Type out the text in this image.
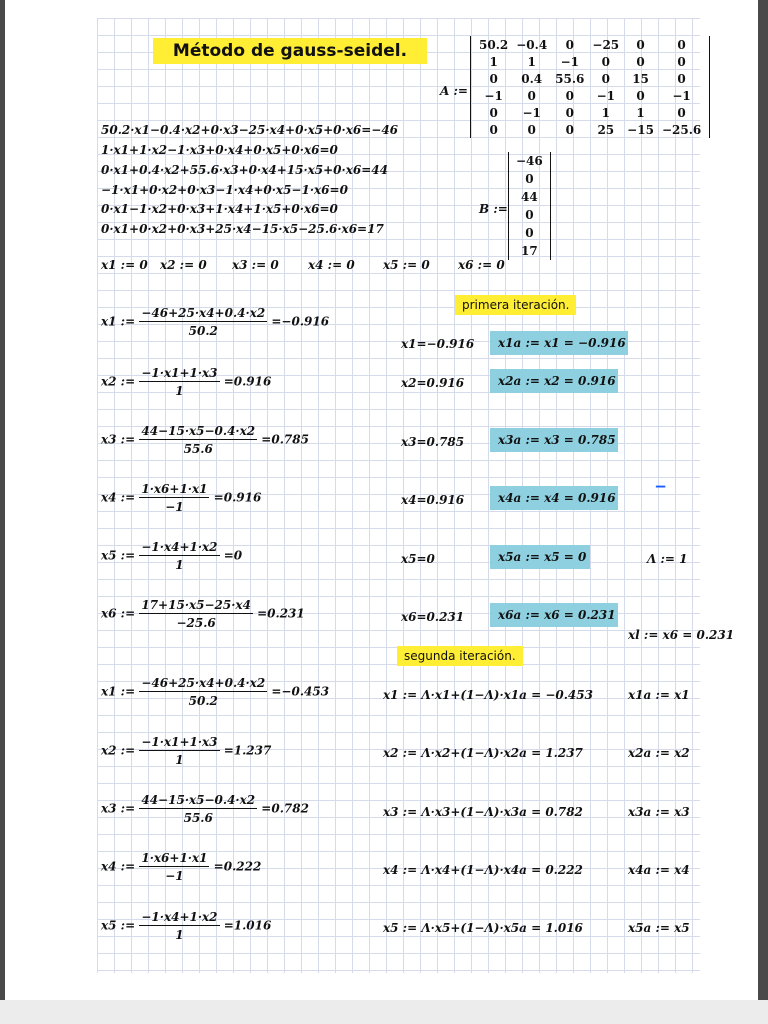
Método de gauss-seidel.
A :=
50.2	−0.4	0	−25	0	0
1	1	−1	0	0	0
0	0.4	55.6	0	15	0
−1	0	0	−1	0	−1
0	−1	0	1	1	0
0	0	0	25	−15	−25.6
50.2·x1−0.4·x2+0·x3−25·x4+0·x5+0·x6=−46
1·x1+1·x2−1·x3+0·x4+0·x5+0·x6=0
0·x1+0.4·x2+55.6·x3+0·x4+15·x5+0·x6=44
−1·x1+0·x2+0·x3−1·x4+0·x5−1·x6=0
0·x1−1·x2+0·x3+1·x4+1·x5+0·x6=0
0·x1+0·x2+0·x3+25·x4−15·x5−25.6·x6=17
B :=
−46
0
44
0
0
17
x1 := 0 x2 := 0 x3 := 0 x4 := 0 x5 := 0 x6 := 0
primera iteración.
x1 := $\frac{-46+25\cdot x4+0.4\cdot x2}{50.2} =-0.916$
x1=−0.916	x1a := x1 = −0.916
x2 := $\frac{-1\cdot x1+1\cdot x3}{1} =0.916$	x2=0.916	x2a := x2 = 0.916
x3 := $\frac{44-15\cdot x5-0.4\cdot x2}{55.6} =0.785$	x3=0.785	x3a := x3 = 0.785
x4 := $\frac{1\cdot x6+1\cdot x1}{-1} =0.916$	x4=0.916	x4a := x4 = 0.916
‒
x5 := $\frac{-1\cdot x4+1\cdot x2}{1} =0$	x5=0	x5a := x5 = 0	Λ := 1
x6 := $\frac{17+15\cdot x5-25\cdot x4}{-25.6} =0.231$	x6=0.231	x6a := x6 = 0.231
xl := x6 = 0.231
segunda iteración.
x1 := $\frac{-46+25\cdot x4+0.4\cdot x2}{50.2} =-0.453$	x1 := Λ·x1+(1−Λ)·x1a = −0.453	x1a := x1
x2 := $\frac{-1\cdot x1+1\cdot x3}{1} =1.237$	x2 := Λ·x2+(1−Λ)·x2a = 1.237	x2a := x2
x3 := $\frac{44-15\cdot x5-0.4\cdot x2}{55.6} =0.782$	x3 := Λ·x3+(1−Λ)·x3a = 0.782	x3a := x3
x4 := $\frac{1\cdot x6+1\cdot x1}{-1} =0.222$	x4 := Λ·x4+(1−Λ)·x4a = 0.222	x4a := x4
x5 := $\frac{-1\cdot x4+1\cdot x2}{1} =1.016$	x5 := Λ·x5+(1−Λ)·x5a = 1.016	x5a := x5
